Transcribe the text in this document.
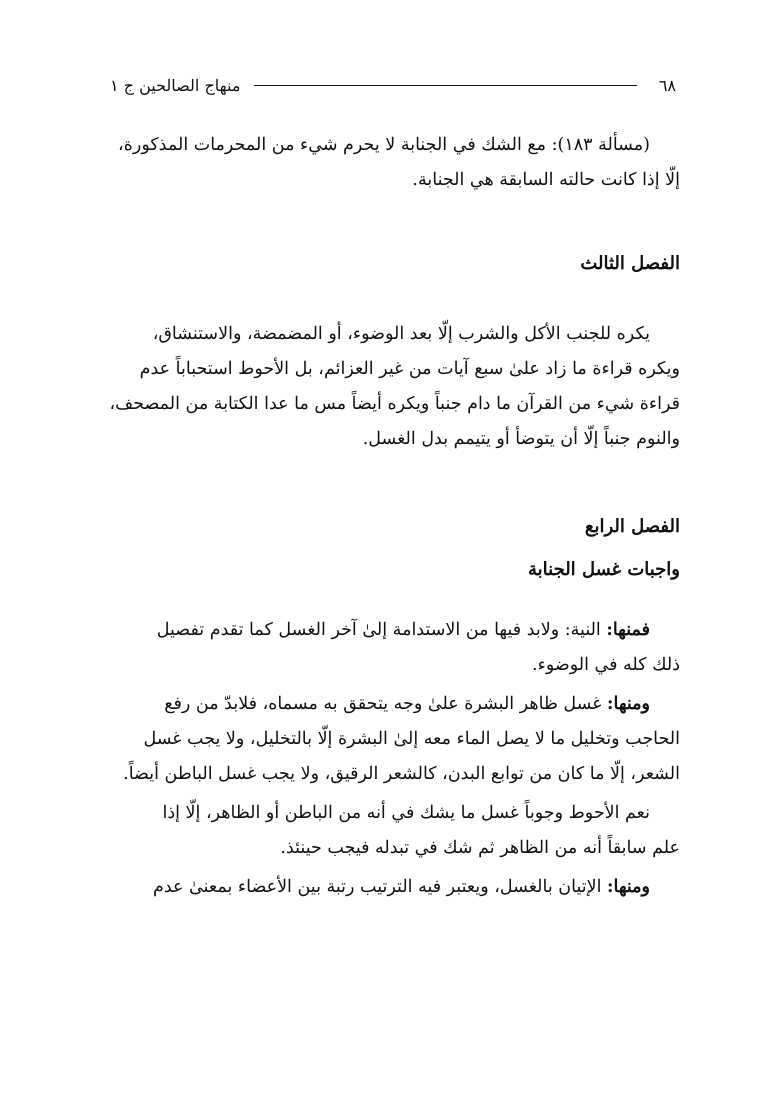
٦٨
منهاج الصالحين ج ١

(مسألة ١٨٣): مع الشك في الجنابة لا يحرم شيء من المحرمات المذكورة،

إلّا إذا كانت حالته السابقة هي الجنابة.

الفصل الثالث

يكره للجنب الأكل والشرب إلّا بعد الوضوء، أو المضمضة، والاستنشاق،

ويكره قراءة ما زاد علىٰ سبع آيات من غير العزائم، بل الأحوط استحباباً عدم

قراءة شيء من القرآن ما دام جنباً ويكره أيضاً مس ما عدا الكتابة من المصحف،

والنوم جنباً إلّا أن يتوضأ أو يتيمم بدل الغسل.

الفصل الرابع

واجبات غسل الجنابة

فمنها: النية: ولابد فيها من الاستدامة إلىٰ آخر الغسل كما تقدم تفصيل

ذلك كله في الوضوء.

ومنها: غسل ظاهر البشرة علىٰ وجه يتحقق به مسماه، فلابدّ من رفع

الحاجب وتخليل ما لا يصل الماء معه إلىٰ البشرة إلّا بالتخليل، ولا يجب غسل

الشعر، إلّا ما كان من توابع البدن، كالشعر الرقيق، ولا يجب غسل الباطن أيضاً.

نعم الأحوط وجوباً غسل ما يشك في أنه من الباطن أو الظاهر، إلّا إذا

علم سابقاً أنه من الظاهر ثم شك في تبدله فيجب حينئذ.

ومنها: الإتيان بالغسل، ويعتبر فيه الترتيب رتبة بين الأعضاء بمعنىٰ عدم
